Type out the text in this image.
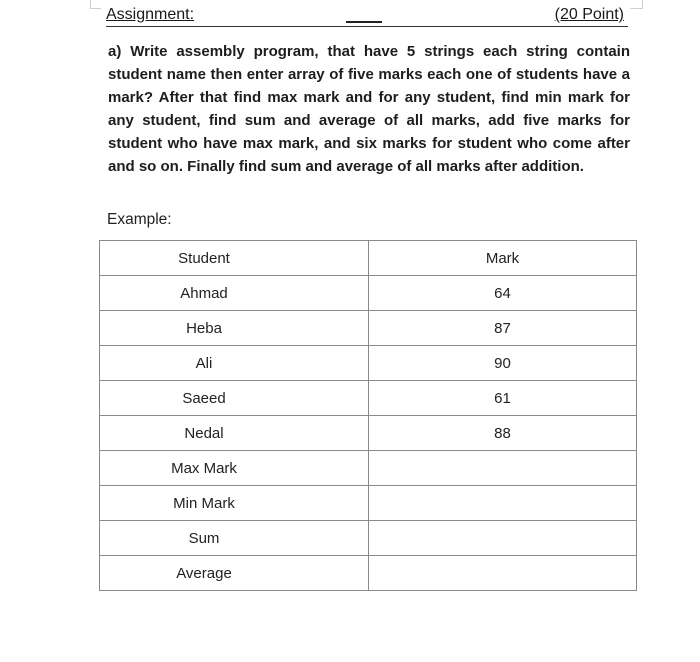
Assignment:	(20 Point)
a) Write assembly program, that have 5 strings each string contain student name then enter array of five marks each one of students have a mark? After that find max mark and for any student, find min mark for any student, find sum and average of all marks, add five marks for student who have max mark, and six marks for student who come after and so on. Finally find sum and average of all marks after addition.
Example:
Student	Mark
Ahmad	64
Heba	87
Ali	90
Saeed	61
Nedal	88
Max Mark	
Min Mark	
Sum	
Average	
